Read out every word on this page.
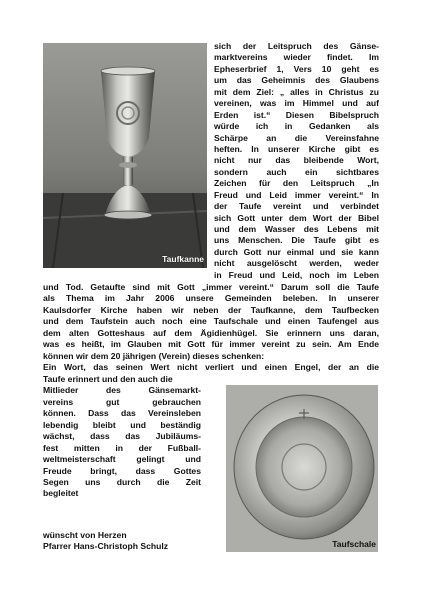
Taufkanne
sich der Leitspruch des Gänse-
marktvereins wieder findet. Im
Epheserbrief 1, Vers 10 geht es
um das Geheimnis des Glaubens
mit dem Ziel: „ alles in Christus zu
vereinen, was im Himmel und auf
Erden ist.“ Diesen Bibelspruch
würde ich in Gedanken als
Schärpe an die Vereinsfahne
heften. In unserer Kirche gibt es
nicht nur das bleibende Wort,
sondern auch ein sichtbares
Zeichen für den Leitspruch „In
Freud und Leid immer vereint.“ In
der Taufe vereint und verbindet
sich Gott unter dem Wort der Bibel
und dem Wasser des Lebens mit
uns Menschen. Die Taufe gibt es
durch Gott nur einmal und sie kann
nicht ausgelöscht werden, weder
in Freud und Leid, noch im Leben
und Tod. Getaufte sind mit Gott „immer vereint.“ Darum soll die Taufe
als Thema im Jahr 2006 unsere Gemeinden beleben. In unserer
Kaulsdorfer Kirche haben wir neben der Taufkanne, dem Taufbecken
und dem Taufstein auch noch eine Taufschale und einen Taufengel aus
dem alten Gotteshaus auf dem Ägidienhügel. Sie erinnern uns daran,
was es heißt, im Glauben mit Gott für immer vereint zu sein. Am Ende
können wir dem 20 jährigen (Verein) dieses schenken:
Ein Wort, das seinen Wert nicht verliert und einen Engel, der an die
Taufe erinnert und den auch die
Mitlieder des Gänsemarkt-
vereins gut gebrauchen
können. Dass das Vereinsleben
lebendig bleibt und beständig
wächst, dass das Jubiläums-
fest mitten in der Fußball-
weltmeisterschaft gelingt und
Freude bringt, dass Gottes
Segen uns durch die Zeit
begleitet
wünscht von Herzen
Pfarrer Hans-Christoph Schulz	Taufschale
